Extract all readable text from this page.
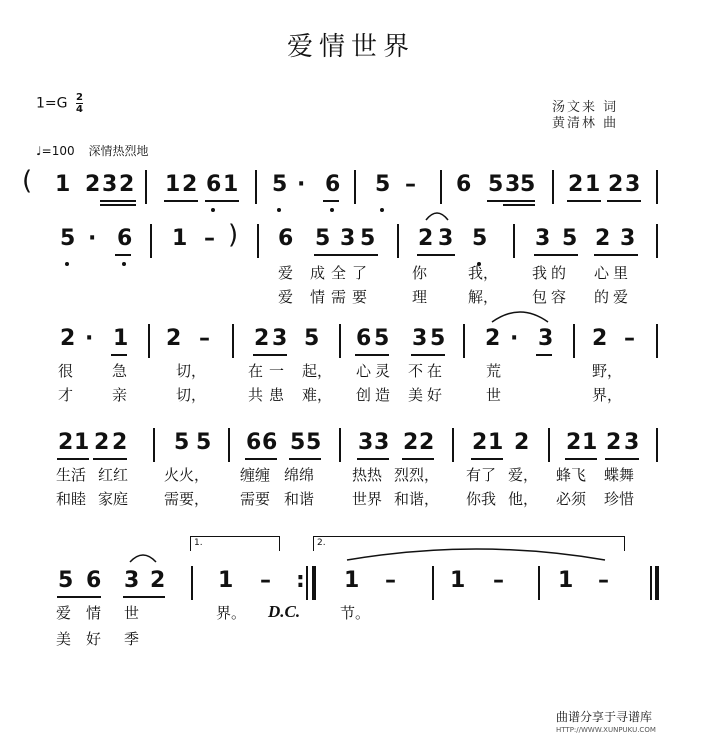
爱情世界
$1=G \frac{2}{4}$	汤文来 词
黄清林 曲
♩=100 深情热烈地
( 1 2 3 2 1 2 6 1 5 · 6 5 – 6 5 3 5 2 1 2 3
5 · 6 1 – ) 6 5 3 5 2 3 5 3 5 2 3
爱 成全了	你	我， 我的 心里
爱 情需要	理	解， 包容 的爱
2 · 1 2 – 2 3 5 6 5 3 5 2 · 3 2 –
很	急	切，	在一 起， 心灵 不在	荒	野，
才	亲	切，	共患 难， 创造 美好	世	界，
2 1 2 2 5 5 6 6 5 5 3 3 2 2 2 1 2 2 1 2 3
生活 红红 火火， 缠缠 绵绵	热热 烈烈， 有了 爱， 蜂飞 蝶舞
和睦 家庭 需要， 需要 和谐	世界 和谐， 你我 他， 必须 珍惜
1.	2.
5 6 3 2 1 – : 1 – 1 – 1 –
爱 情 世	界。 D.C.	节。
美 好 季
曲谱分享于寻谱库
HTTP://WWW.XUNPUKU.COM
